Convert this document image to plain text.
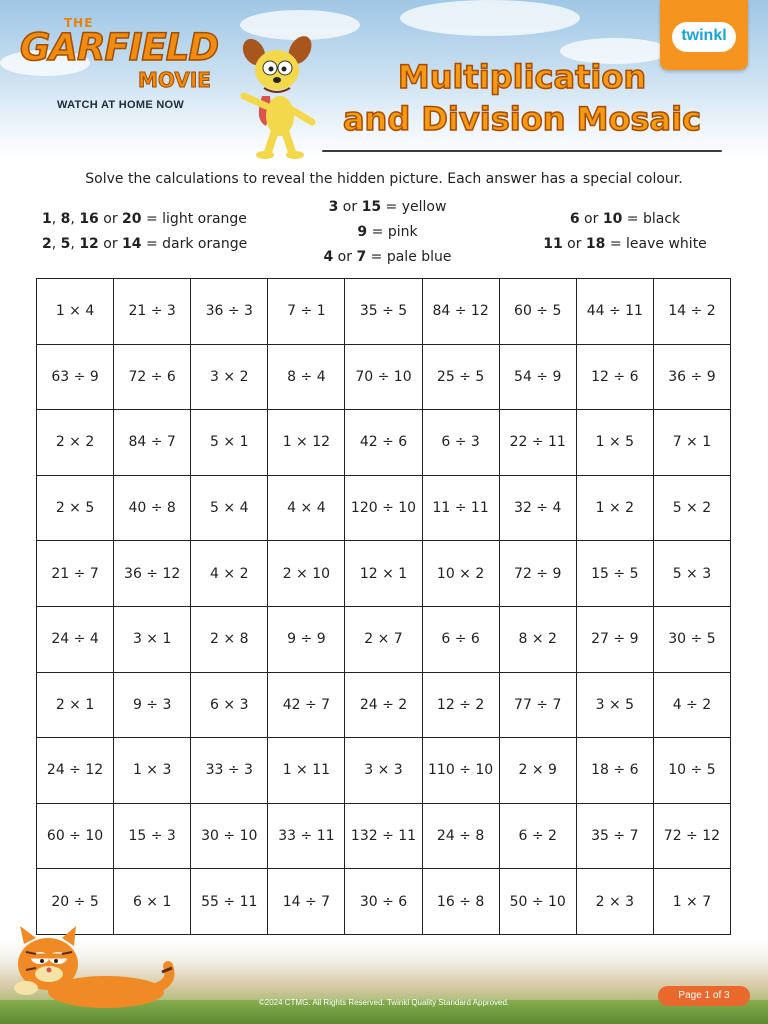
THE
GARFIELD
MOVIE
WATCH AT HOME NOW
Multiplication
and Division Mosaic
twinkl
Solve the calculations to reveal the hidden picture. Each answer has a special colour.
1, 8, 16 or 20 = light orange
2, 5, 12 or 14 = dark orange
3 or 15 = yellow
9 = pink
4 or 7 = pale blue
6 or 10 = black
11 or 18 = leave white
1 × 4	21 ÷ 3	36 ÷ 3	7 ÷ 1	35 ÷ 5	84 ÷ 12	60 ÷ 5	44 ÷ 11	14 ÷ 2
63 ÷ 9	72 ÷ 6	3 × 2	8 ÷ 4	70 ÷ 10	25 ÷ 5	54 ÷ 9	12 ÷ 6	36 ÷ 9
2 × 2	84 ÷ 7	5 × 1	1 × 12	42 ÷ 6	6 ÷ 3	22 ÷ 11	1 × 5	7 × 1
2 × 5	40 ÷ 8	5 × 4	4 × 4	120 ÷ 10	11 ÷ 11	32 ÷ 4	1 × 2	5 × 2
21 ÷ 7	36 ÷ 12	4 × 2	2 × 10	12 × 1	10 × 2	72 ÷ 9	15 ÷ 5	5 × 3
24 ÷ 4	3 × 1	2 × 8	9 ÷ 9	2 × 7	6 ÷ 6	8 × 2	27 ÷ 9	30 ÷ 5
2 × 1	9 ÷ 3	6 × 3	42 ÷ 7	24 ÷ 2	12 ÷ 2	77 ÷ 7	3 × 5	4 ÷ 2
24 ÷ 12	1 × 3	33 ÷ 3	1 × 11	3 × 3	110 ÷ 10	2 × 9	18 ÷ 6	10 ÷ 5
60 ÷ 10	15 ÷ 3	30 ÷ 10	33 ÷ 11	132 ÷ 11	24 ÷ 8	6 ÷ 2	35 ÷ 7	72 ÷ 12
20 ÷ 5	6 × 1	55 ÷ 11	14 ÷ 7	30 ÷ 6	16 ÷ 8	50 ÷ 10	2 × 3	1 × 7
©2024 CTMG. All Rights Reserved. Twinkl Quality Standard Approved.
Page 1 of 3
